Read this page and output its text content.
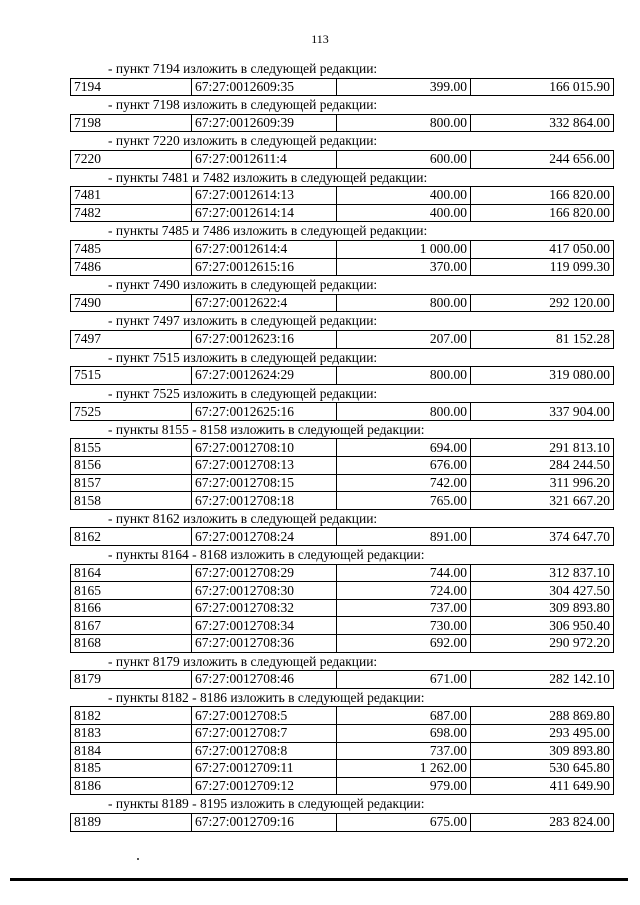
113
- пункт 7194 изложить в следующей редакции:
7194	67:27:0012609:35	399.00	166 015.90
- пункт 7198 изложить в следующей редакции:
7198	67:27:0012609:39	800.00	332 864.00
- пункт 7220 изложить в следующей редакции:
7220	67:27:0012611:4	600.00	244 656.00
- пункты 7481 и 7482 изложить в следующей редакции:
7481	67:27:0012614:13	400.00	166 820.00
7482	67:27:0012614:14	400.00	166 820.00
- пункты 7485 и 7486 изложить в следующей редакции:
7485	67:27:0012614:4	1 000.00	417 050.00
7486	67:27:0012615:16	370.00	119 099.30
- пункт 7490 изложить в следующей редакции:
7490	67:27:0012622:4	800.00	292 120.00
- пункт 7497 изложить в следующей редакции:
7497	67:27:0012623:16	207.00	81 152.28
- пункт 7515 изложить в следующей редакции:
7515	67:27:0012624:29	800.00	319 080.00
- пункт 7525 изложить в следующей редакции:
7525	67:27:0012625:16	800.00	337 904.00
- пункты 8155 - 8158 изложить в следующей редакции:
8155	67:27:0012708:10	694.00	291 813.10
8156	67:27:0012708:13	676.00	284 244.50
8157	67:27:0012708:15	742.00	311 996.20
8158	67:27:0012708:18	765.00	321 667.20
- пункт 8162 изложить в следующей редакции:
8162	67:27:0012708:24	891.00	374 647.70
- пункты 8164 - 8168 изложить в следующей редакции:
8164	67:27:0012708:29	744.00	312 837.10
8165	67:27:0012708:30	724.00	304 427.50
8166	67:27:0012708:32	737.00	309 893.80
8167	67:27:0012708:34	730.00	306 950.40
8168	67:27:0012708:36	692.00	290 972.20
- пункт 8179 изложить в следующей редакции:
8179	67:27:0012708:46	671.00	282 142.10
- пункты 8182 - 8186 изложить в следующей редакции:
8182	67:27:0012708:5	687.00	288 869.80
8183	67:27:0012708:7	698.00	293 495.00
8184	67:27:0012708:8	737.00	309 893.80
8185	67:27:0012709:11	1 262.00	530 645.80
8186	67:27:0012709:12	979.00	411 649.90
- пункты 8189 - 8195 изложить в следующей редакции:
8189	67:27:0012709:16	675.00	283 824.00
